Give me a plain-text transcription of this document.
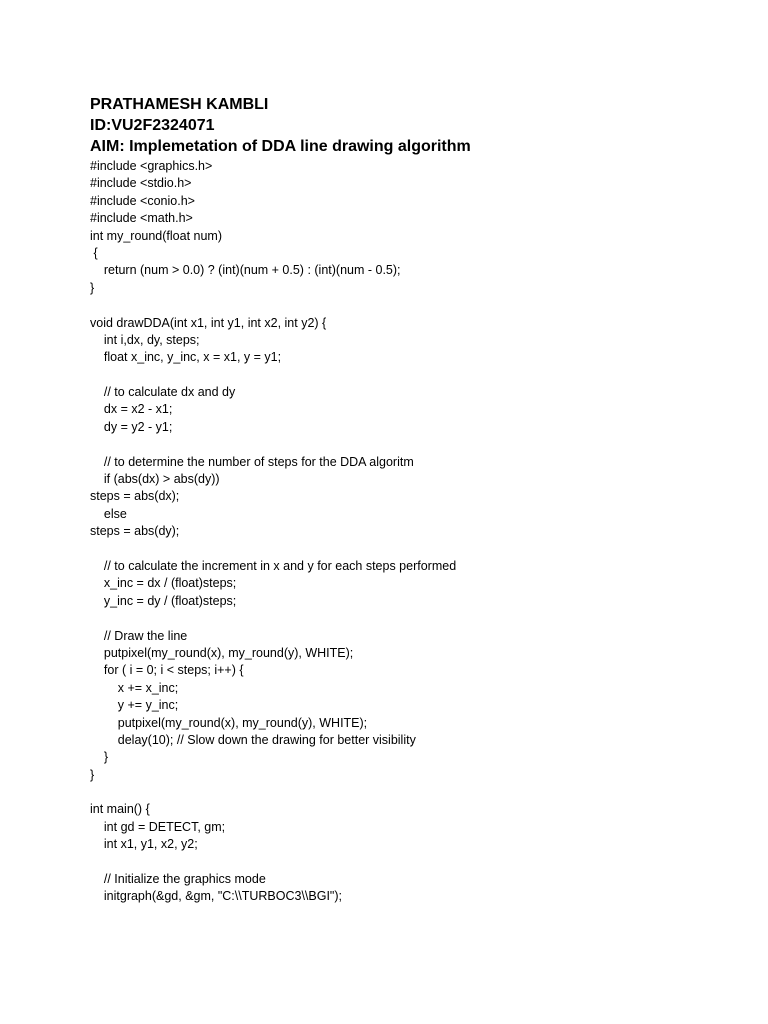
PRATHAMESH KAMBLI
ID:VU2F2324071
AIM: Implemetation of DDA line drawing algorithm
#include <graphics.h>
#include <stdio.h>
#include <conio.h>
#include <math.h>
int my_round(float num)
{
return (num > 0.0) ? (int)(num + 0.5) : (int)(num - 0.5);
}
void drawDDA(int x1, int y1, int x2, int y2) {
int i,dx, dy, steps;
float x_inc, y_inc, x = x1, y = y1;
// to calculate dx and dy
dx = x2 - x1;
dy = y2 - y1;
// to determine the number of steps for the DDA algoritm
if (abs(dx) > abs(dy))
steps = abs(dx);
else
steps = abs(dy);
// to calculate the increment in x and y for each steps performed
x_inc = dx / (float)steps;
y_inc = dy / (float)steps;
// Draw the line
putpixel(my_round(x), my_round(y), WHITE);
for ( i = 0; i < steps; i++) {
x += x_inc;
y += y_inc;
putpixel(my_round(x), my_round(y), WHITE);
delay(10); // Slow down the drawing for better visibility
}
}
int main() {
int gd = DETECT, gm;
int x1, y1, x2, y2;
// Initialize the graphics mode
initgraph(&gd, &gm, "C:\\TURBOC3\\BGI");
